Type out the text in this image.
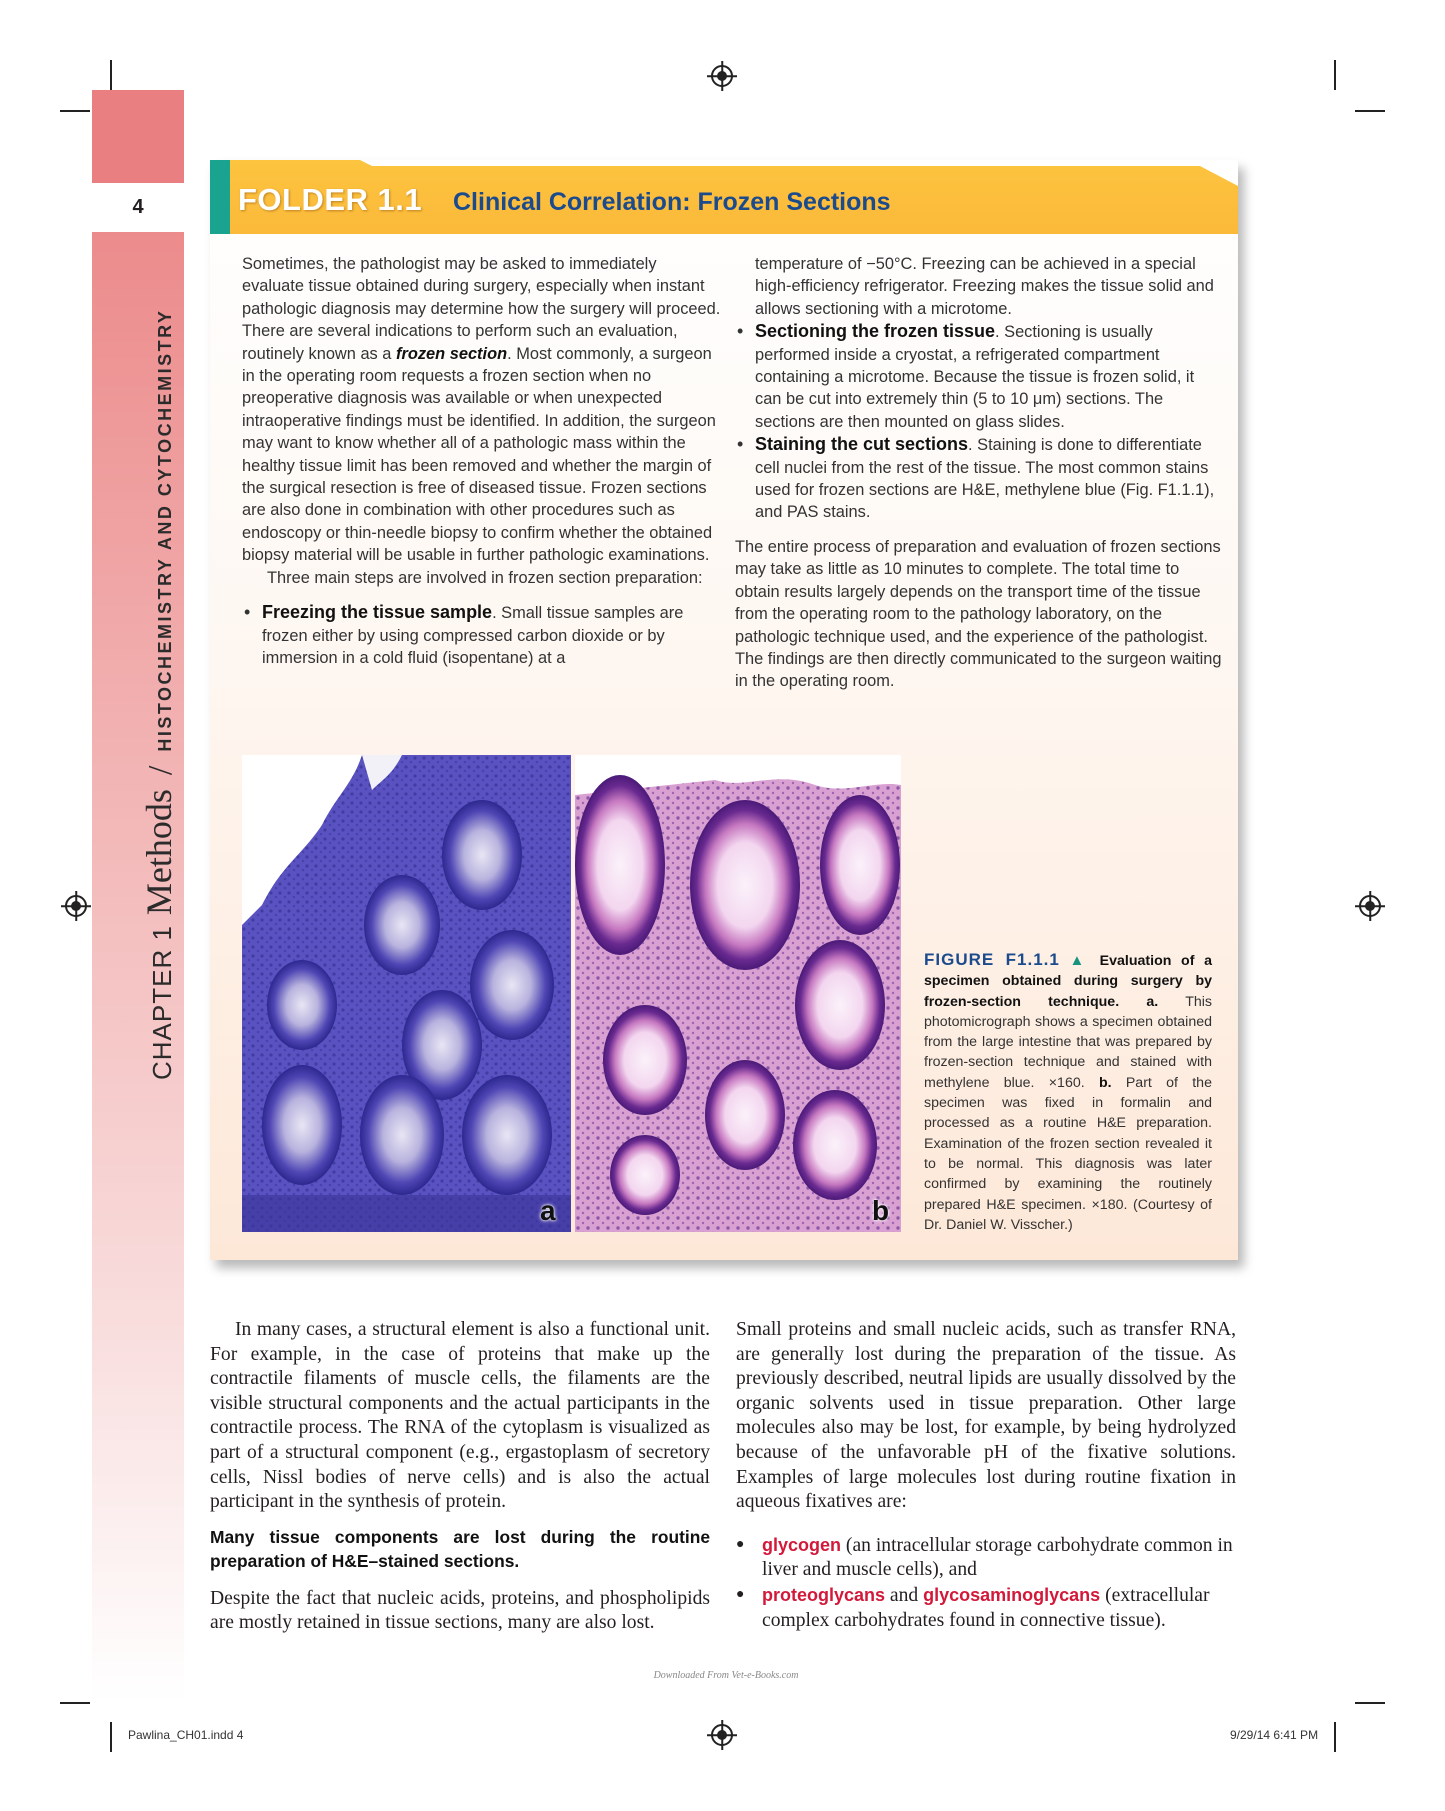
4
CHAPTER 1
Methods
/
HISTOCHEMISTRY AND CYTOCHEMISTRY
FOLDER 1.1 Clinical Correlation: Frozen Sections

Sometimes, the pathologist may be asked to immediately evaluate tissue obtained during surgery, especially when instant pathologic diagnosis may determine how the surgery will proceed. There are several indications to perform such an evaluation, routinely known as a frozen section. Most commonly, a surgeon in the operating room requests a frozen section when no preoperative diagnosis was available or when unexpected intraoperative findings must be identified. In addition, the surgeon may want to know whether all of a pathologic mass within the healthy tissue limit has been removed and whether the margin of the surgical resection is free of diseased tissue. Frozen sections are also done in combination with other procedures such as endoscopy or thin-needle biopsy to confirm whether the obtained biopsy material will be usable in further pathologic examinations.

Three main steps are involved in frozen section preparation:

• Freezing the tissue sample. Small tissue samples are frozen either by using compressed carbon dioxide or by immersion in a cold fluid (isopentane) at a
temperature of −50°C. Freezing can be achieved in a special high-efficiency refrigerator. Freezing makes the tissue solid and allows sectioning with a microtome.
• Sectioning the frozen tissue. Sectioning is usually performed inside a cryostat, a refrigerated compartment containing a microtome. Because the tissue is frozen solid, it can be cut into extremely thin (5 to 10 μm) sections. The sections are then mounted on glass slides.
• Staining the cut sections. Staining is done to differentiate cell nuclei from the rest of the tissue. The most common stains used for frozen sections are H&E, methylene blue (Fig. F1.1.1), and PAS stains.

The entire process of preparation and evaluation of frozen sections may take as little as 10 minutes to complete. The total time to obtain results largely depends on the transport time of the tissue from the operating room to the pathology laboratory, on the pathologic technique used, and the experience of the pathologist. The findings are then directly communicated to the surgeon waiting in the operating room.

a	b
FIGURE F1.1.1 ▲ Evaluation of a specimen obtained during surgery by frozen-section technique. a. This photomicrograph shows a specimen obtained from the large intestine that was prepared by frozen-section technique and stained with methylene blue. ×160. b. Part of the specimen was fixed in formalin and processed as a routine H&E preparation. Examination of the frozen section revealed it to be normal. This diagnosis was later confirmed by examining the routinely prepared H&E specimen. ×180. (Courtesy of Dr. Daniel W. Visscher.)

In many cases, a structural element is also a functional unit. For example, in the case of proteins that make up the contractile filaments of muscle cells, the filaments are the visible structural components and the actual participants in the contractile process. The RNA of the cytoplasm is visualized as part of a structural component (e.g., ergastoplasm of secretory cells, Nissl bodies of nerve cells) and is also the actual participant in the synthesis of protein.

Many tissue components are lost during the routine preparation of H&E–stained sections.

Despite the fact that nucleic acids, proteins, and phospholipids are mostly retained in tissue sections, many are also lost.

Small proteins and small nucleic acids, such as transfer RNA, are generally lost during the preparation of the tissue. As previously described, neutral lipids are usually dissolved by the organic solvents used in tissue preparation. Other large molecules also may be lost, for example, by being hydrolyzed because of the unfavorable pH of the fixative solutions. Examples of large molecules lost during routine fixation in aqueous fixatives are:

● glycogen (an intracellular storage carbohydrate common in liver and muscle cells), and
● proteoglycans and glycosaminoglycans (extracellular complex carbohydrates found in connective tissue).
Downloaded From Vet-e-Books.com
Pawlina_CH01.indd 4	9/29/14 6:41 PM
